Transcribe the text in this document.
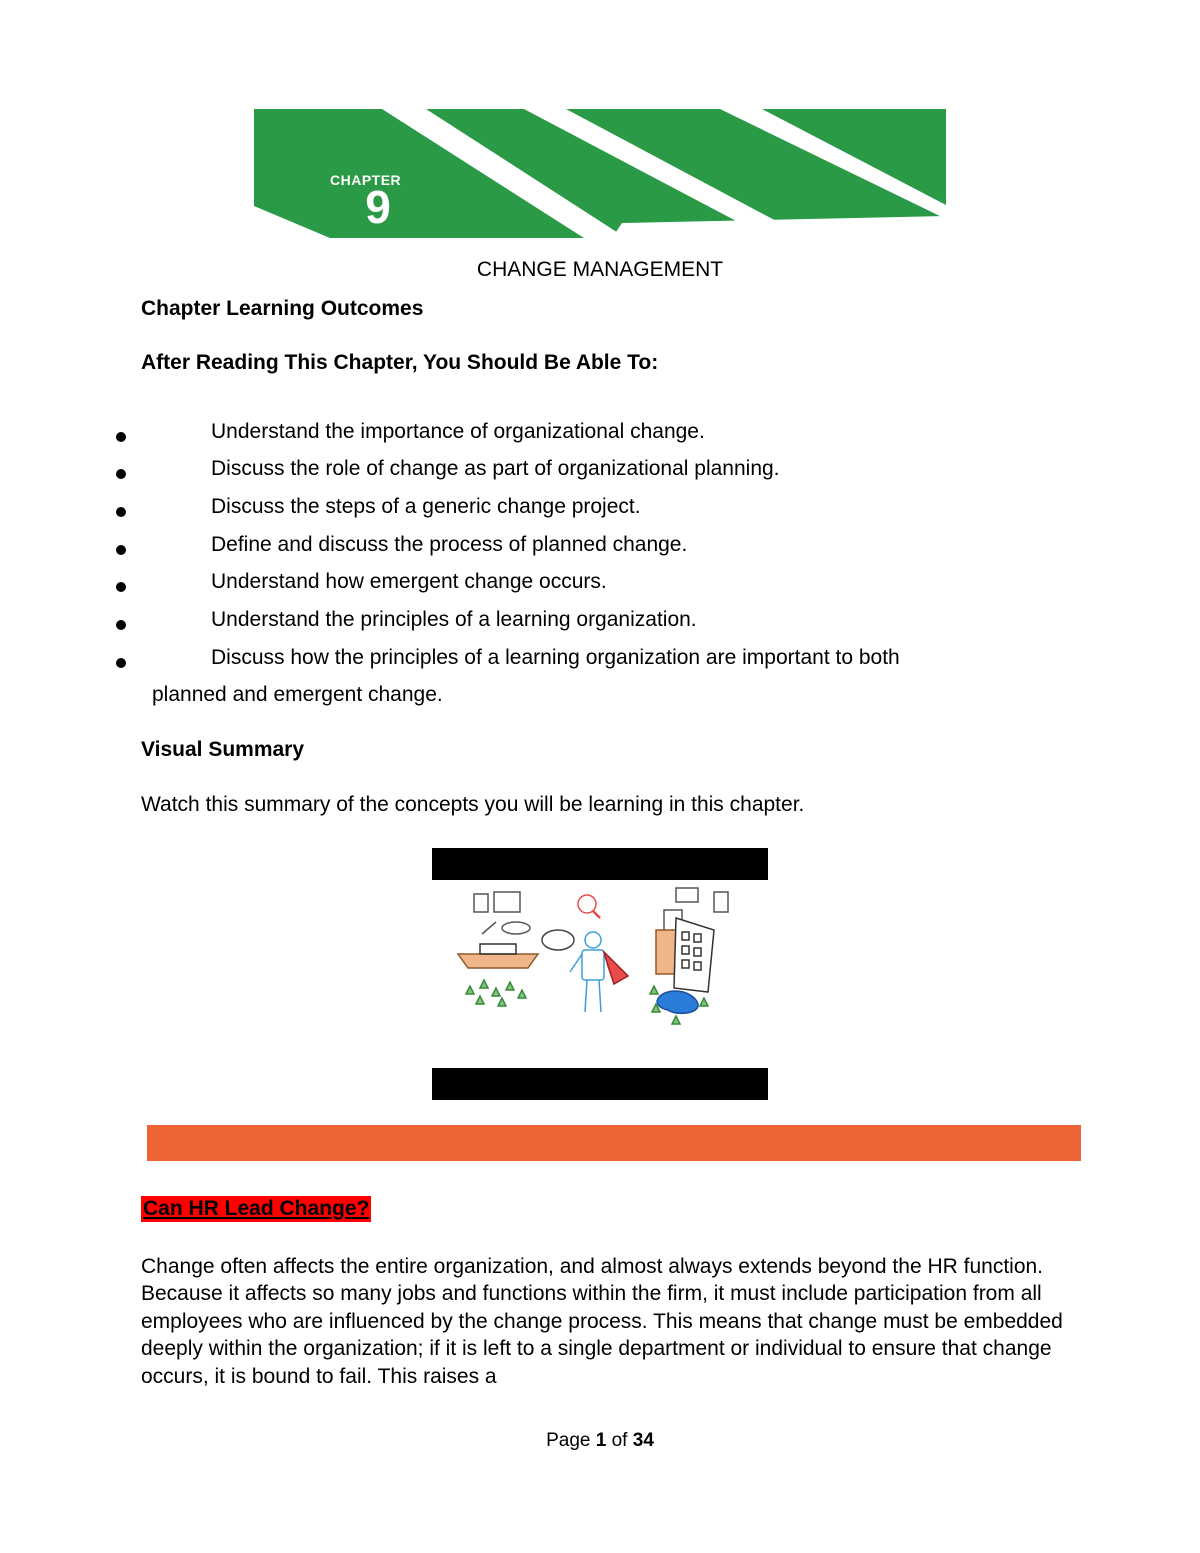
CHAPTER
9
CHANGE MANAGEMENT
Chapter Learning Outcomes
After Reading This Chapter, You Should Be Able To:
Understand the importance of organizational change.
Discuss the role of change as part of organizational planning.
Discuss the steps of a generic change project.
Define and discuss the process of planned change.
Understand how emergent change occurs.
Understand the principles of a learning organization.
Discuss how the principles of a learning organization are important to both
planned and emergent change.
Visual Summary
Watch this summary of the concepts you will be learning in this chapter.
Can HR Lead Change?
Change often affects the entire organization, and almost always extends beyond the HR function. Because it affects so many jobs and functions within the firm, it must include participation from all employees who are influenced by the change process. This means that change must be embedded deeply within the organization; if it is left to a single department or individual to ensure that change occurs, it is bound to fail. This raises a
Page 1 of 34
